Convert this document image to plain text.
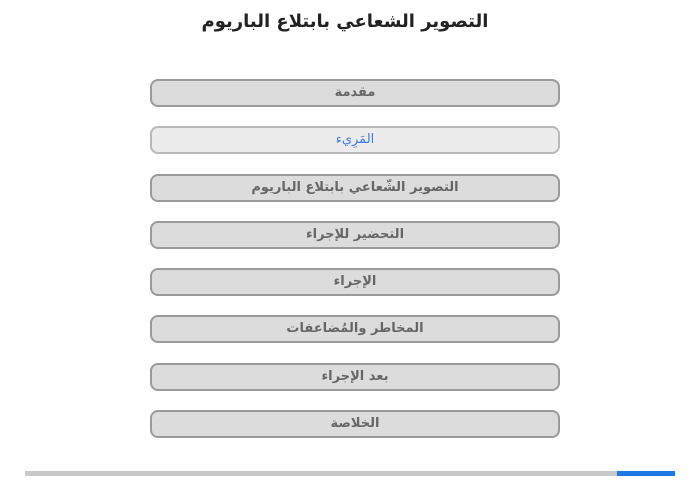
التصوير الشعاعي بابتلاع الباريوم
مقدمة
المَرِيء
التصوير الشّعاعي بابتلاع الباريوم
التحضير للإجراء
الإجراء
المخاطر والمُضاعفات
بعد الإجراء
الخلاصة
